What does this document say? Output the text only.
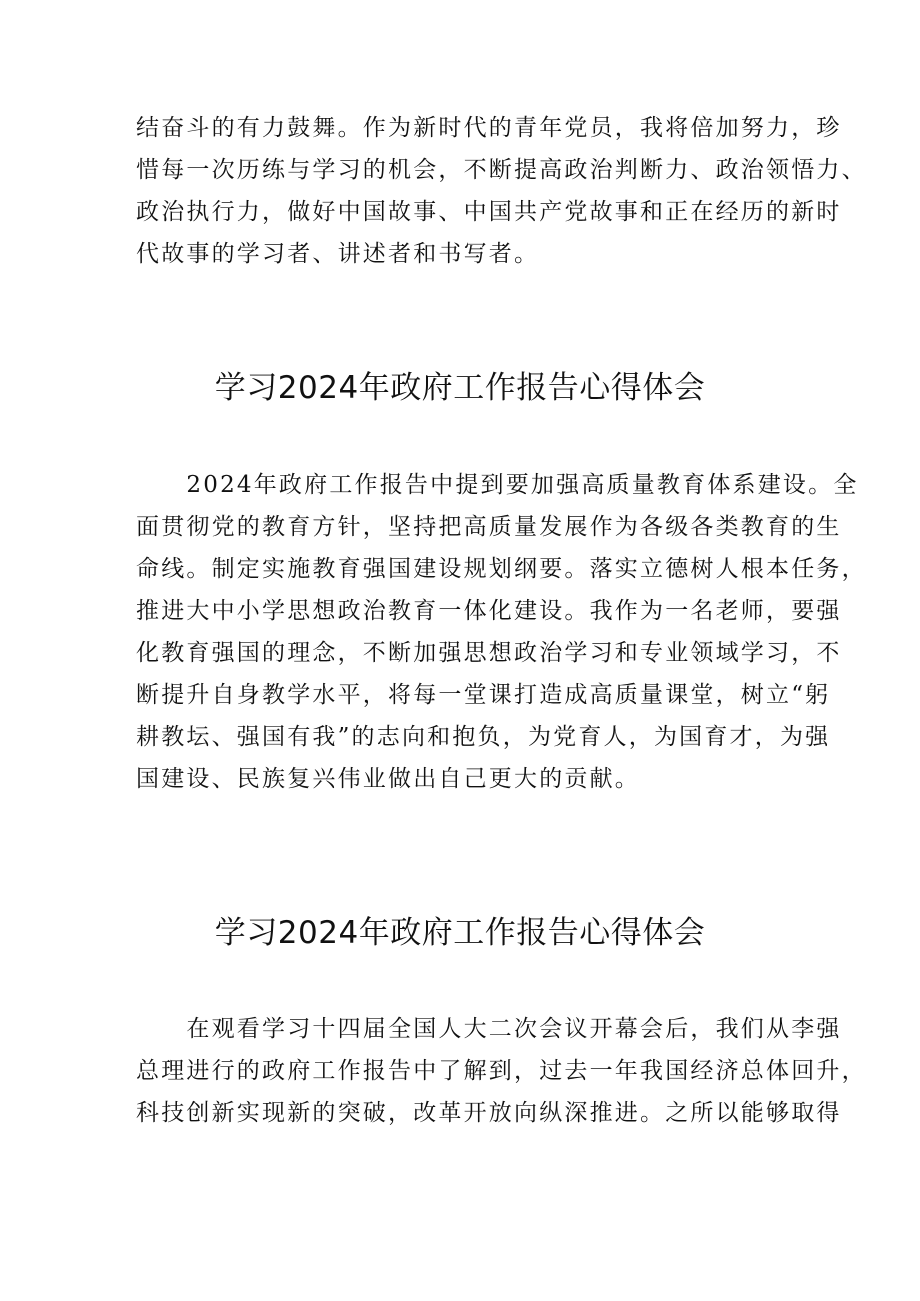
结奋斗的有力鼓舞。作为新时代的青年党员，我将倍加努力，珍
惜每一次历练与学习的机会，不断提高政治判断力、政治领悟力、
政治执行力，做好中国故事、中国共产党故事和正在经历的新时
代故事的学习者、讲述者和书写者。
学习2024年政府工作报告心得体会
　　2024年政府工作报告中提到要加强高质量教育体系建设。全
面贯彻党的教育方针，坚持把高质量发展作为各级各类教育的生
命线。制定实施教育强国建设规划纲要。落实立德树人根本任务，
推进大中小学思想政治教育一体化建设。我作为一名老师，要强
化教育强国的理念，不断加强思想政治学习和专业领域学习，不
断提升自身教学水平，将每一堂课打造成高质量课堂，树立“躬
耕教坛、强国有我”的志向和抱负，为党育人，为国育才，为强
国建设、民族复兴伟业做出自己更大的贡献。
学习2024年政府工作报告心得体会
　　在观看学习十四届全国人大二次会议开幕会后，我们从李强
总理进行的政府工作报告中了解到，过去一年我国经济总体回升，
科技创新实现新的突破，改革开放向纵深推进。之所以能够取得
